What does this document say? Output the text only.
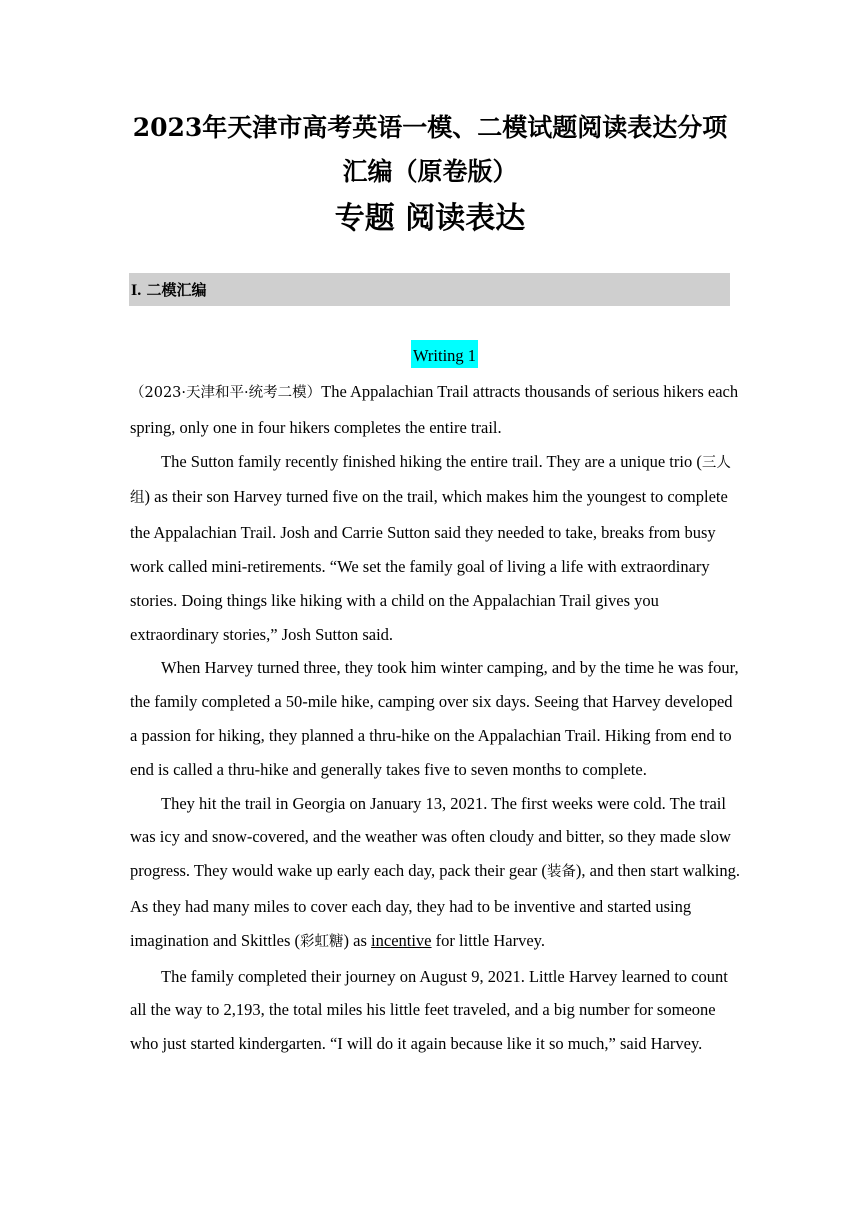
2023年天津市高考英语一模、二模试题阅读表达分项
汇编（原卷版）
专题 阅读表达
I. 二模汇编
Writing 1

（2023·天津和平·统考二模）The Appalachian Trail attracts thousands of serious hikers each spring, only one in four hikers completes the entire trail.

The Sutton family recently finished hiking the entire trail. They are a unique trio (三人组) as their son Harvey turned five on the trail, which makes him the youngest to complete the Appalachian Trail. Josh and Carrie Sutton said they needed to take, breaks from busy work called mini-retirements. “We set the family goal of living a life with extraordinary stories. Doing things like hiking with a child on the Appalachian Trail gives you extraordinary stories,” Josh Sutton said.

When Harvey turned three, they took him winter camping, and by the time he was four, the family completed a 50-mile hike, camping over six days. Seeing that Harvey developed a passion for hiking, they planned a thru-hike on the Appalachian Trail. Hiking from end to end is called a thru-hike and generally takes five to seven months to complete.

They hit the trail in Georgia on January 13, 2021. The first weeks were cold. The trail was icy and snow-covered, and the weather was often cloudy and bitter, so they made slow progress. They would wake up early each day, pack their gear (装备), and then start walking. As they had many miles to cover each day, they had to be inventive and started using imagination and Skittles (彩虹糖) as incentive for little Harvey.

The family completed their journey on August 9, 2021. Little Harvey learned to count all the way to 2,193, the total miles his little feet traveled, and a big number for someone who just started kindergarten. “I will do it again because like it so much,” said Harvey.
